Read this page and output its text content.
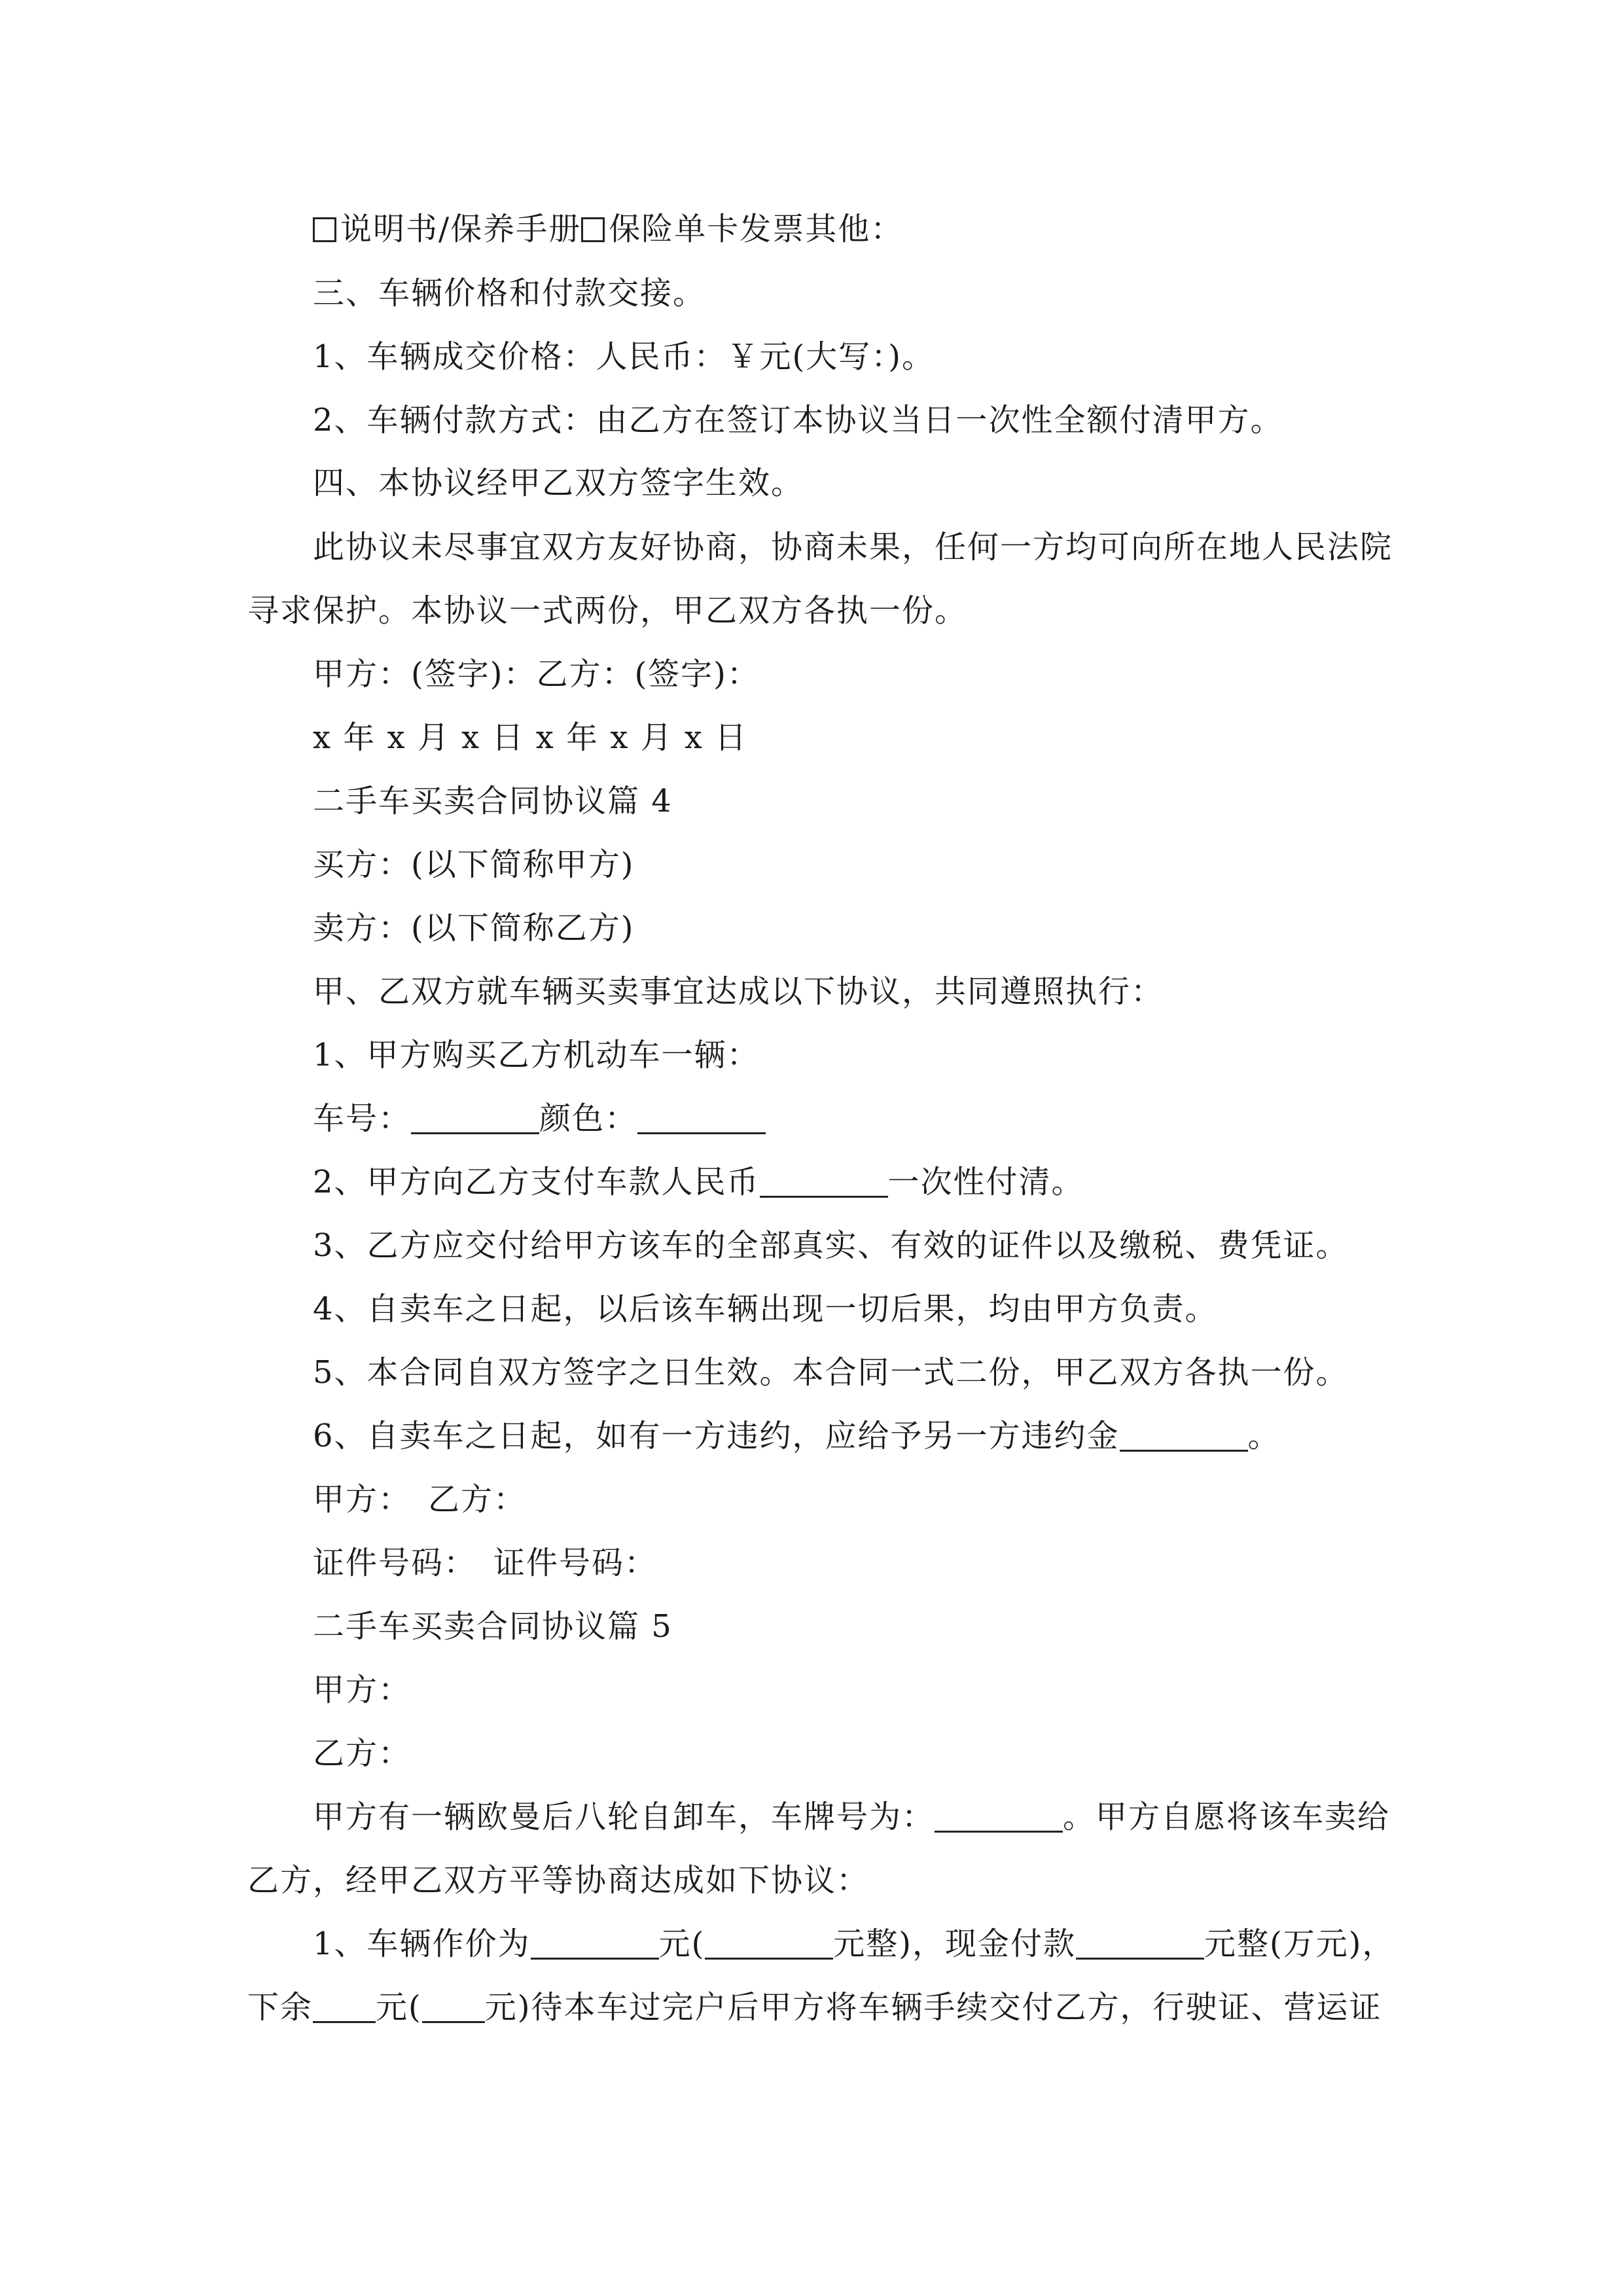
说明书/保养手册 保险单卡发票其他：
三、车辆价格和付款交接。
1、车辆成交价格：人民币：￥元(大写：)。
2、车辆付款方式：由乙方在签订本协议当日一次性全额付清甲方。
四、本协议经甲乙双方签字生效。
此协议未尽事宜双方友好协商，协商未果，任何一方均可向所在地人民法院
寻求保护。本协议一式两份，甲乙双方各执一份。
甲方：(签字)：乙方：(签字)：
x 年 x 月 x 日 x 年 x 月 x 日
二手车买卖合同协议篇 4
买方：(以下简称甲方)
卖方：(以下简称乙方)
甲、乙双方就车辆买卖事宜达成以下协议，共同遵照执行：
1、甲方购买乙方机动车一辆：
车号：	颜色：
2、甲方向乙方支付车款人民币	一次性付清。
3、乙方应交付给甲方该车的全部真实、有效的证件以及缴税、费凭证。
4、自卖车之日起，以后该车辆出现一切后果，均由甲方负责。
5、本合同自双方签字之日生效。本合同一式二份，甲乙双方各执一份。
6、自卖车之日起，如有一方违约，应给予另一方违约金	。
甲方：　乙方：
证件号码：　证件号码：
二手车买卖合同协议篇 5
甲方：
乙方：
甲方有一辆欧曼后八轮自卸车，车牌号为：	。甲方自愿将该车卖给
乙方，经甲乙双方平等协商达成如下协议：
1、车辆作价为	元(	元整)，现金付款	元整(万元)，
下余 元( 元)待本车过完户后甲方将车辆手续交付乙方，行驶证、营运证
